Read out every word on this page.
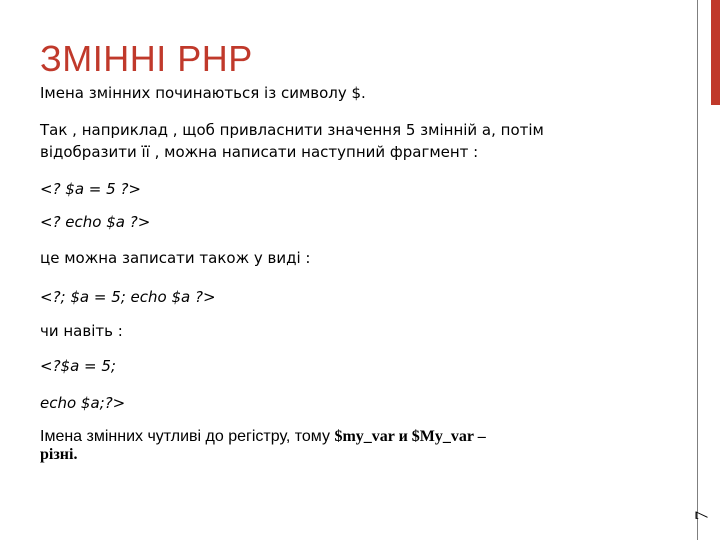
ЗМІННІ PHP
Імена змінних починаються із символу $.
Так , наприклад , щоб привласнити значення 5 змінній а, потім
відобразити її , можна написати наступний фрагмент :
<? $a = 5 ?>
<? echo $a ?>
це можна записати також у виді :
<?; $a = 5; echo $a ?>
чи навіть :
<?$a = 5;
echo $a;?>
Імена змінних чутливі до регістру, тому $my_var и $My_var –
різні.
7
